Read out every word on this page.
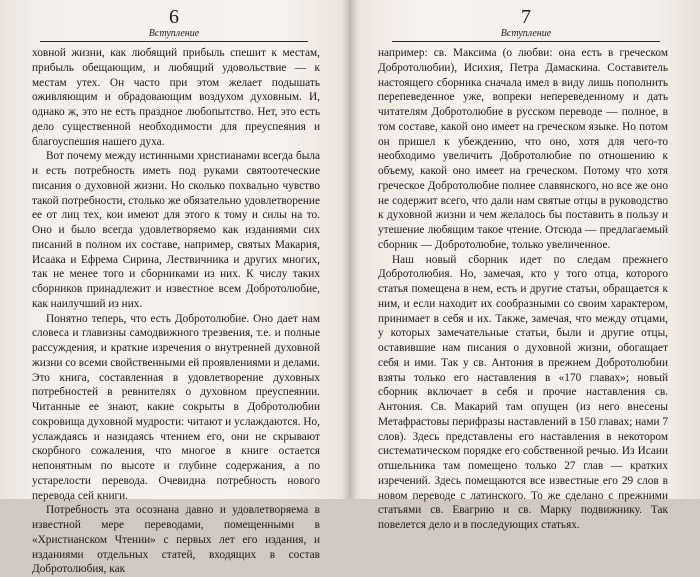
6
Вступление

ховной жизни, как любящий прибыль спешит к местам, прибыль обещающим, и любящий удовольствие — к местам утех. Он часто при этом желает подышать оживляющим и обрадовающим воздухом духовным. И, однако ж, это не есть праздное любопытство. Нет, это есть дело существенной необходимости для преуспеяния и благоуспешия нашего духа.

Вот почему между истинными христианами всегда была и есть потребность иметь под руками святоотеческие писания о духовной жизни. Но сколько похвально чувство такой потребности, столько же обязательно удовлетворение ее от лиц тех, кои имеют для этого к тому и силы на то. Оно и было всегда удовлетворяемо как изданиями сих писаний в полном их составе, например, святых Макария, Исаака и Ефрема Сирина, Лествичника и других многих, так не менее того и сборниками из них. К числу таких сборников принадлежит и известное всем Добротолюбие, как наилучший из них.

Понятно теперь, что есть Добротолюбие. Оно дает нам словеса и главизны самодвижного трезвения, т.е. и полные рассуждения, и краткие изречения о внутренней духовной жизни со всеми свойственными ей проявлениями и делами. Это книга, составленная в удовлетворение духовных потребностей в ревнителях о духовном преуспеянии. Читанные ее знают, какие сокрыты в Добротолюбии сокровища духовной мудрости: читают и услаждаются. Но, услаждаясь и назидаясь чтением его, они не скрывают скорбного сожаления, что многое в книге остается непонятным по высоте и глубине содержания, а по устарелости перевода. Очевидна потребность нового перевода сей книги.

Потребность эта осознана давно и удовлетворяема в известной мере переводами, помещенными в «Христианском Чтении» с первых лет его издания, и изданиями отдельных статей, входящих в состав Добротолюбия, как

7
Вступление

например: св. Максима (о любви: она есть в греческом Добротолюбии), Исихия, Петра Дамаскина. Составитель настоящего сборника сначала имел в виду лишь пополнить перепеведенное уже, вопреки непереведенному и дать читателям Добротолюбие в русском переводе — полное, в том составе, какой оно имеет на греческом языке. Но потом он пришел к убеждению, что оно, хотя для чего-то необходимо увеличить Добротолюбие по отношению к объему, какой оно имеет на греческом. Потому что хотя греческое Добротолюбие полнее славянского, но все же оно не содержит всего, что дали нам святые отцы в руководство к духовной жизни и чем желалось бы поставить в пользу и утешение любящим такое чтение. Отсюда — предлагаемый сборник — Добротолюбие, только увеличенное.

Наш новый сборник идет по следам прежнего Добротолюбия. Но, замечая, кто у того отца, которого статья помещена в нем, есть и другие статьи, обращается к ним, и если находит их сообразными со своим характером, принимает в себя и их. Также, замечая, что между отцами, у которых замечательные статьи, были и другие отцы, оставившие нам писания о духовной жизни, обогащает себя и ими. Так у св. Антония в прежнем Добротолюбии взяты только его наставления в «170 главах»; новый сборник включает в себя и прочие наставления св. Антония. Св. Макарий там опущен (из него внесены Метафрастовы перифразы наставлений в 150 главах; нами 7 слов). Здесь представлены его наставления в некотором систематическом порядке его собственной речью. Из Исаии отшельника там помещено только 27 глав — кратких изречений. Здесь помещаются все известные его 29 слов в новом переводе с латинского. То же сделано с прежними статьями св. Евагрию и св. Марку подвижнику. Так повелется дело и в последующих статьях.
